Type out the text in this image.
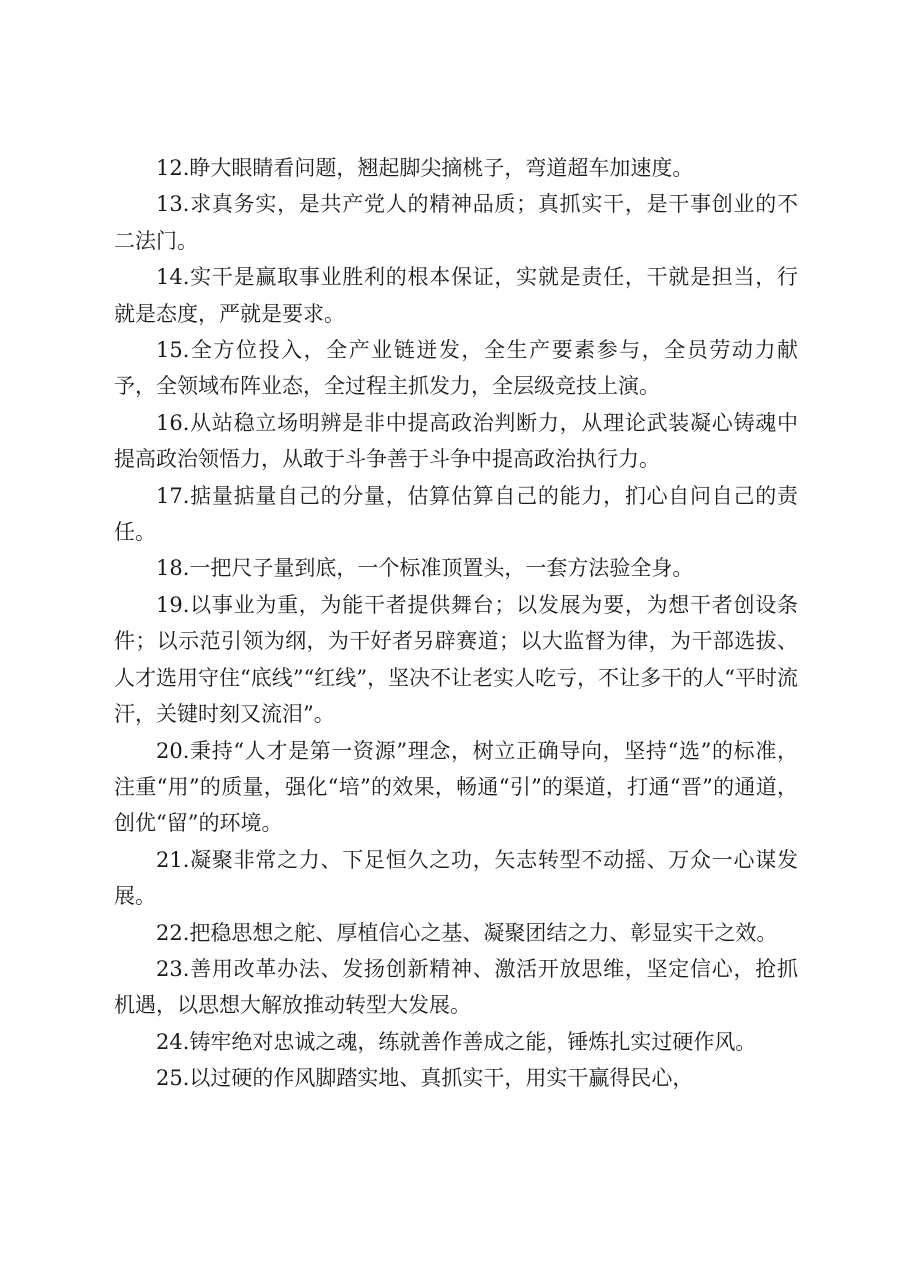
12.睁大眼睛看问题，翘起脚尖摘桃子，弯道超车加速度。

13.求真务实，是共产党人的精神品质；真抓实干，是干事创业的不二法门。

14.实干是赢取事业胜利的根本保证，实就是责任，干就是担当，行就是态度，严就是要求。

15.全方位投入，全产业链迸发，全生产要素参与，全员劳动力献予，全领域布阵业态，全过程主抓发力，全层级竞技上演。

16.从站稳立场明辨是非中提高政治判断力，从理论武装凝心铸魂中提高政治领悟力，从敢于斗争善于斗争中提高政治执行力。

17.掂量掂量自己的分量，估算估算自己的能力，扪心自问自己的责任。

18.一把尺子量到底，一个标准顶置头，一套方法验全身。

19.以事业为重，为能干者提供舞台；以发展为要，为想干者创设条件；以示范引领为纲，为干好者另辟赛道；以大监督为律，为干部选拔、人才选用守住“底线”“红线”，坚决不让老实人吃亏，不让多干的人“平时流汗，关键时刻又流泪”。

20.秉持“人才是第一资源”理念，树立正确导向，坚持“选”的标准，注重“用”的质量，强化“培”的效果，畅通“引”的渠道，打通“晋”的通道，创优“留”的环境。

21.凝聚非常之力、下足恒久之功，矢志转型不动摇、万众一心谋发展。

22.把稳思想之舵、厚植信心之基、凝聚团结之力、彰显实干之效。

23.善用改革办法、发扬创新精神、激活开放思维，坚定信心，抢抓机遇，以思想大解放推动转型大发展。

24.铸牢绝对忠诚之魂，练就善作善成之能，锤炼扎实过硬作风。

25.以过硬的作风脚踏实地、真抓实干，用实干赢得民心，
